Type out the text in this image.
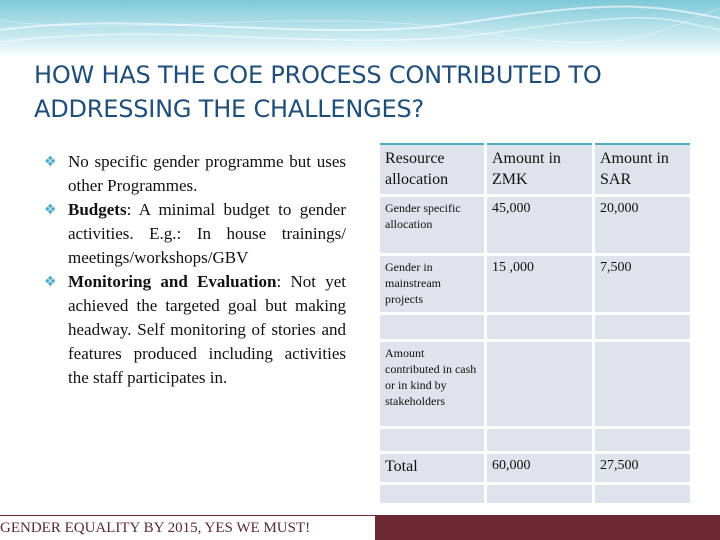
HOW HAS THE COE PROCESS CONTRIBUTED TO
ADDRESSING THE CHALLENGES?
❖ No specific gender programme but uses other Programmes.
❖ Budgets: A minimal budget to gender activities. E.g.: In house trainings/ meetings/workshops/GBV
❖ Monitoring and Evaluation: Not yet achieved the targeted goal but making headway. Self monitoring of stories and features produced including activities the staff participates in.
Resource allocation	Amount in ZMK	Amount in SAR
Gender specific allocation	45,000	20,000
Gender in mainstream projects	15 ,000	7,500

Amount contributed in cash or in kind by stakeholders		

Total	60,000	27,500

GENDER EQUALITY BY 2015, YES WE MUST!
